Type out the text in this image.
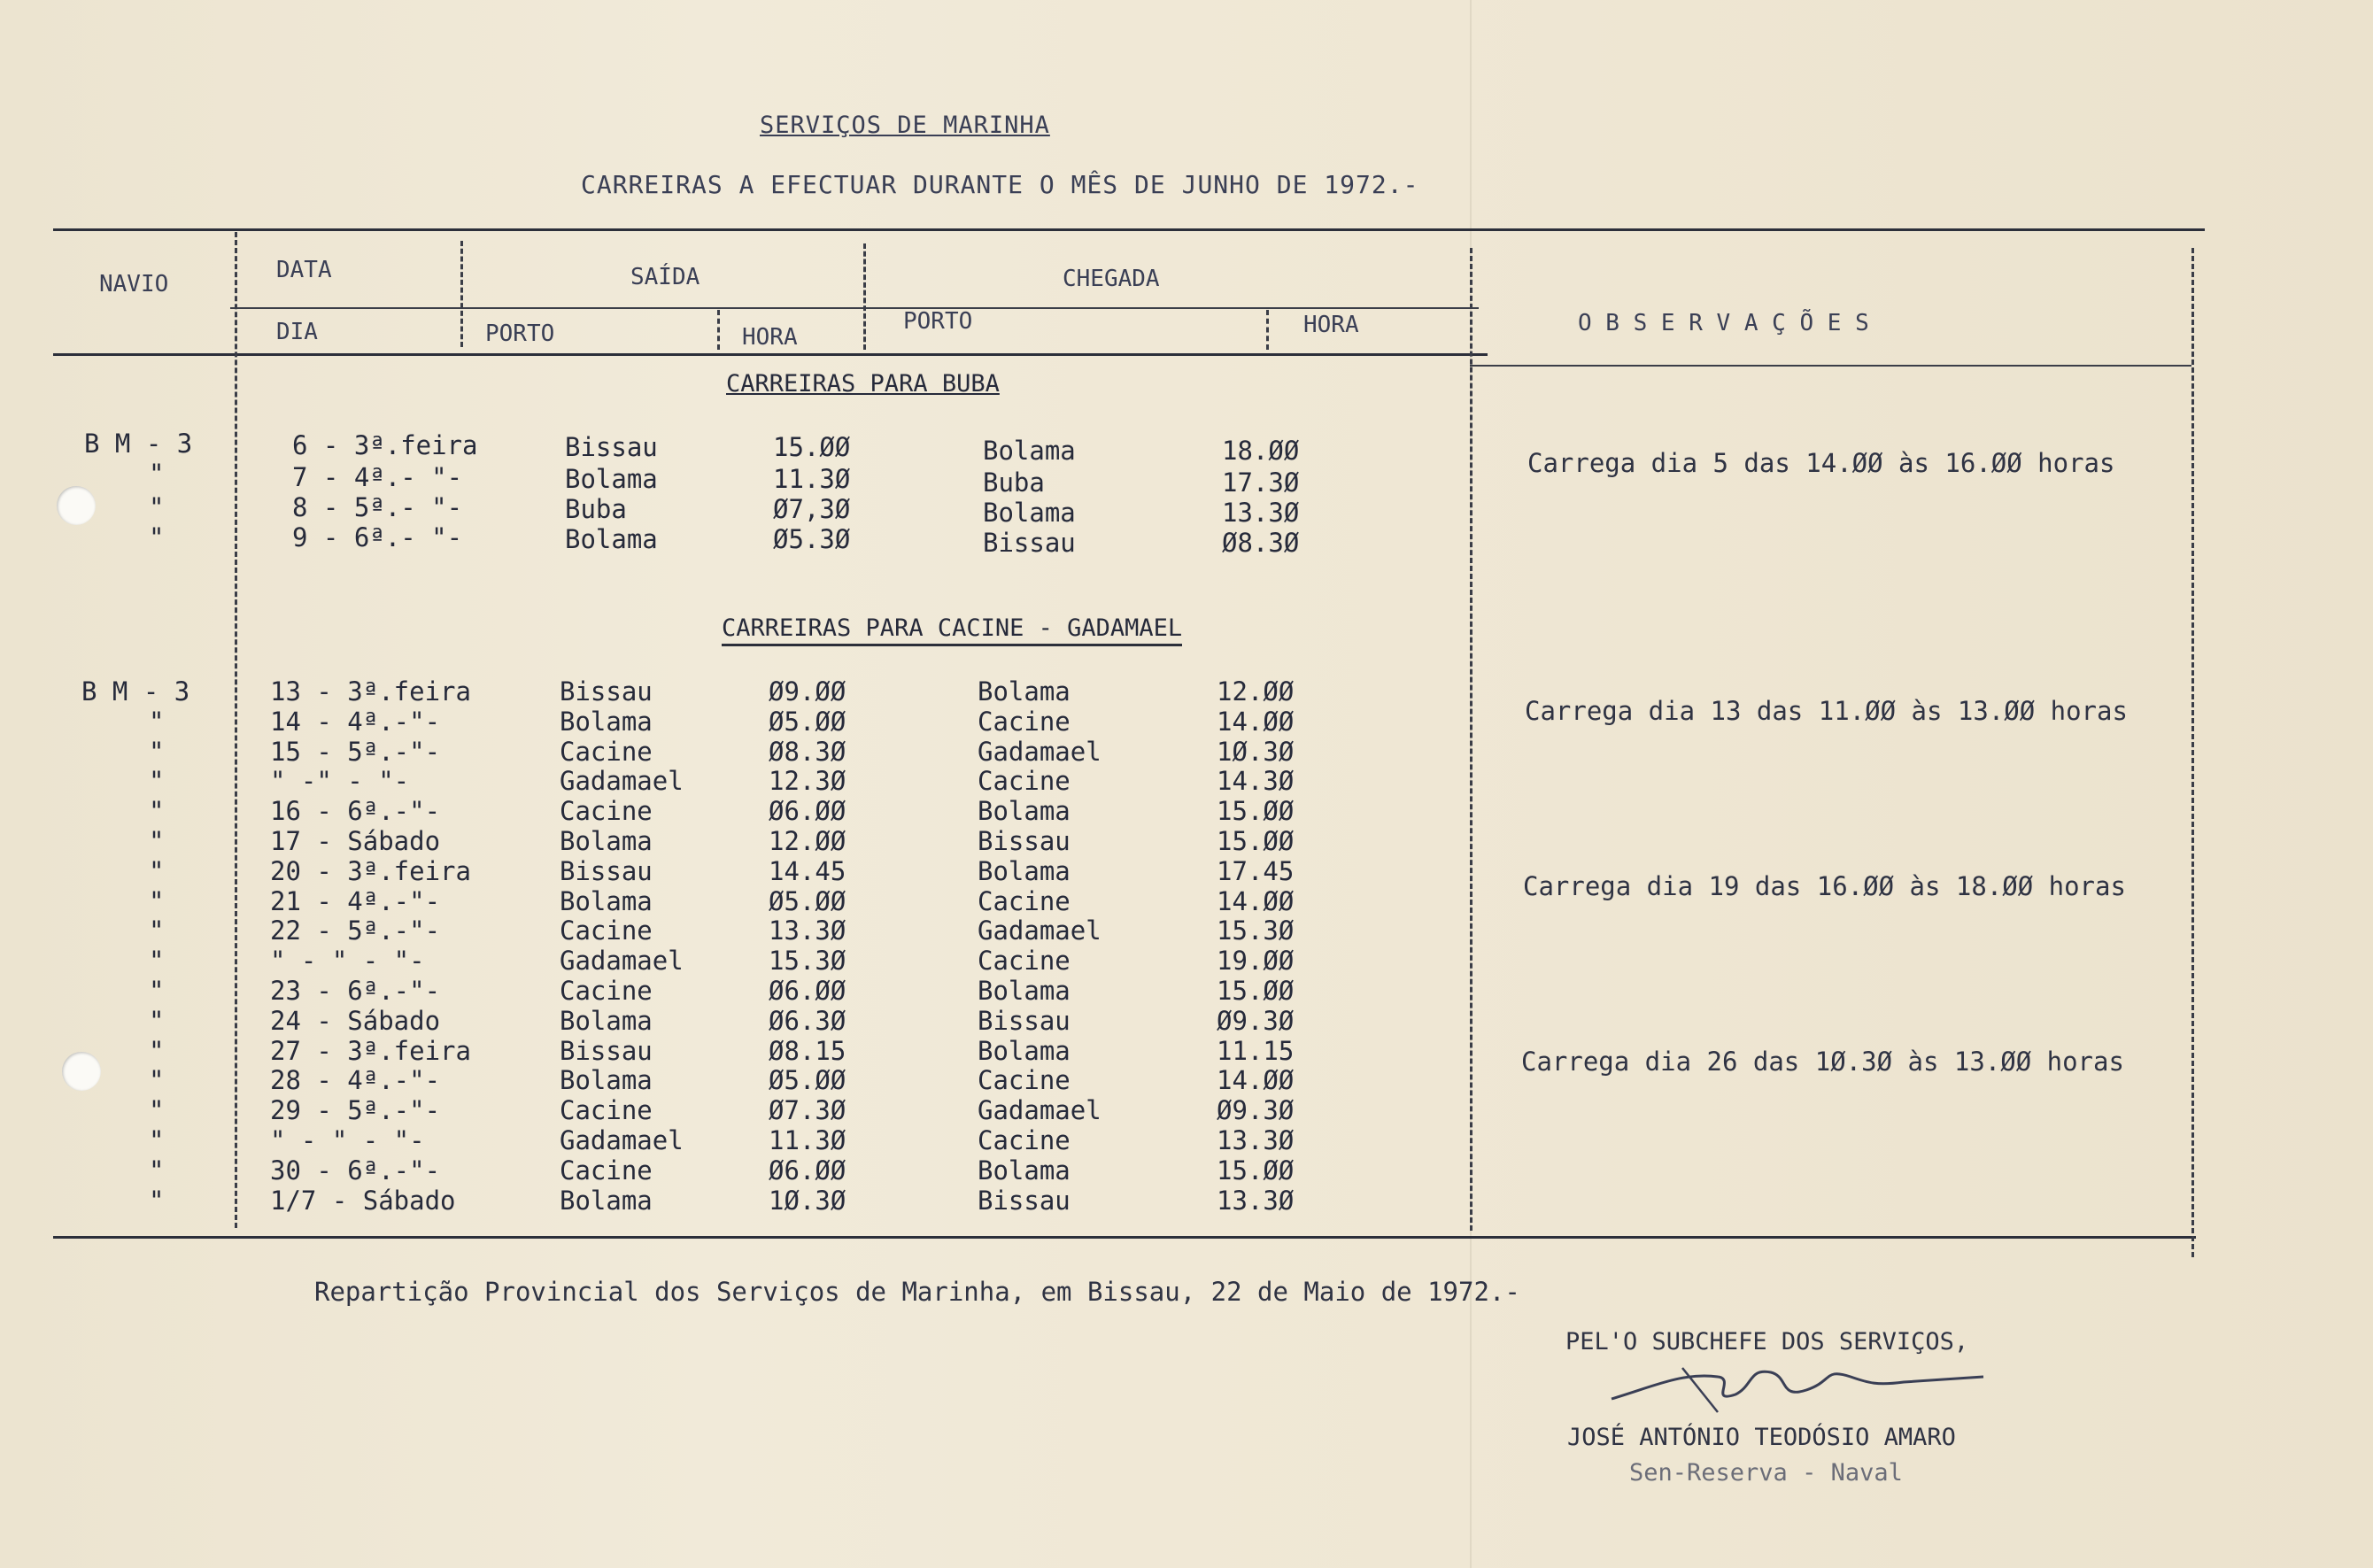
SERVIÇOS DE MARINHA
CARREIRAS A EFECTUAR DURANTE O MÊS DE JUNHO DE 1972.-
NAVIO
DATA
DIA
SAÍDA
PORTO	HORA
CHEGADA
PORTO	HORA	O B S E R V A Ç Õ E S
CARREIRAS PARA BUBA
B M - 3	6 - 3ª.feira	Bissau	15.ØØ	Bolama	18.ØØ
"	7 - 4ª.- "-	Bolama	11.3Ø	Buba	17.3Ø
"	8 - 5ª.- "-	Buba	Ø7,3Ø	Bolama	13.3Ø
"	9 - 6ª.- "-	Bolama	Ø5.3Ø	Bissau	Ø8.3Ø
Carrega dia 5 das 14.ØØ às 16.ØØ horas
CARREIRAS PARA CACINE - GADAMAEL
B M - 3	13 - 3ª.feira	Bissau	Ø9.ØØ	Bolama	12.ØØ
"	14 - 4ª.-"-	Bolama	Ø5.ØØ	Cacine	14.ØØ
"	15 - 5ª.-"-	Cacine	Ø8.3Ø	Gadamael	1Ø.3Ø
"	" -" - "-	Gadamael	12.3Ø	Cacine	14.3Ø
"	16 - 6ª.-"-	Cacine	Ø6.ØØ	Bolama	15.ØØ
"	17 - Sábado	Bolama	12.ØØ	Bissau	15.ØØ
"	20 - 3ª.feira	Bissau	14.45	Bolama	17.45
"	21 - 4ª.-"-	Bolama	Ø5.ØØ	Cacine	14.ØØ
"	22 - 5ª.-"-	Cacine	13.3Ø	Gadamael	15.3Ø
"	" - " - "-	Gadamael	15.3Ø	Cacine	19.ØØ
"	23 - 6ª.-"-	Cacine	Ø6.ØØ	Bolama	15.ØØ
"	24 - Sábado	Bolama	Ø6.3Ø	Bissau	Ø9.3Ø
"	27 - 3ª.feira	Bissau	Ø8.15	Bolama	11.15
"	28 - 4ª.-"-	Bolama	Ø5.ØØ	Cacine	14.ØØ
"	29 - 5ª.-"-	Cacine	Ø7.3Ø	Gadamael	Ø9.3Ø
"	" - " - "-	Gadamael	11.3Ø	Cacine	13.3Ø
"	30 - 6ª.-"-	Cacine	Ø6.ØØ	Bolama	15.ØØ
"	1/7 - Sábado	Bolama	1Ø.3Ø	Bissau	13.3Ø
Carrega dia 13 das 11.ØØ às 13.ØØ horas
Carrega dia 19 das 16.ØØ às 18.ØØ horas
Carrega dia 26 das 1Ø.3Ø às 13.ØØ horas
Repartição Provincial dos Serviços de Marinha, em Bissau, 22 de Maio de 1972.-
PEL'O SUBCHEFE DOS SERVIÇOS,
JOSÉ ANTÓNIO TEODÓSIO AMARO
Sen-Reserva - Naval
